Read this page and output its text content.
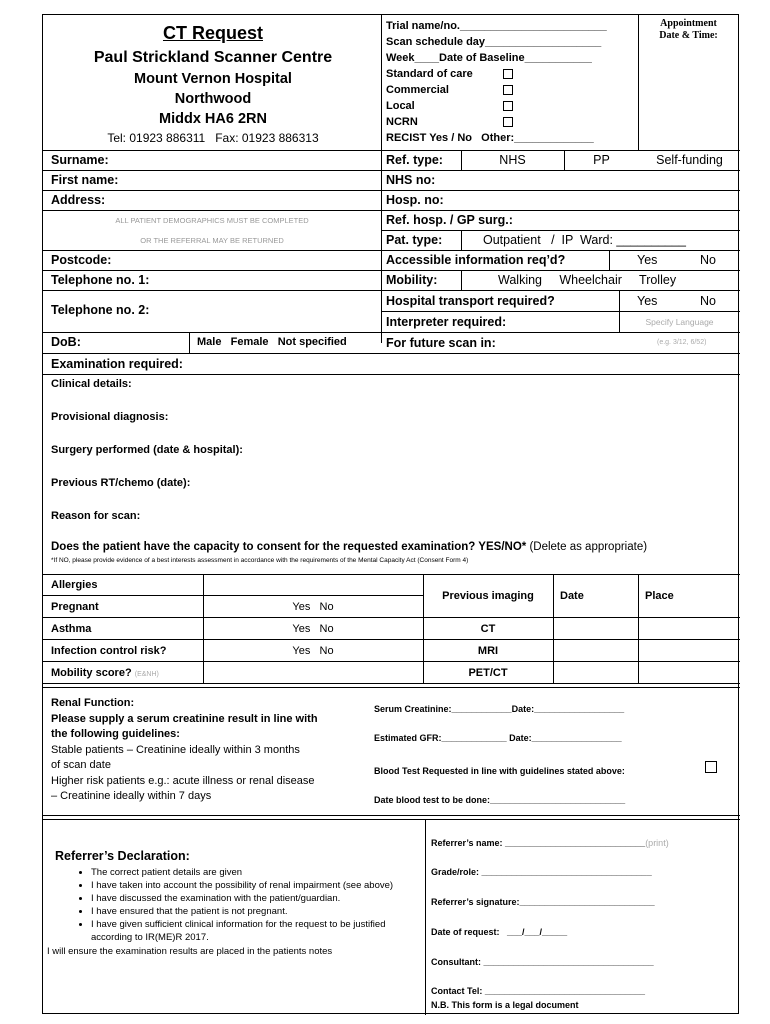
CT Request
Paul Strickland Scanner Centre
Mount Vernon Hospital
Northwood
Middx HA6 2RN
Tel: 01923 886311   Fax: 01923 886313
Trial name/no.________________________
Scan schedule day___________________
Week____Date of Baseline___________
Standard of care
Commercial
Local
NCRN
RECIST Yes / No   Other:_____________
Appointment Date & Time:
Surname:
First name:
Address:
ALL PATIENT DEMOGRAPHICS MUST BE COMPLETED
OR THE REFERRAL MAY BE RETURNED
Postcode:
Telephone no. 1:
Telephone no. 2:
DoB:	Male   Female   Not specified
Ref. type:	NHS	PP	Self-funding
NHS no:
Hosp. no:
Ref. hosp. / GP surg.:
Pat. type:	Outpatient   /  IP  Ward: __________
Accessible information req’d?	Yes	No
Mobility:	Walking     Wheelchair     Trolley
Hospital transport required?	Yes	No
Interpreter required:	Specify Language
For future scan in:	(e.g. 3/12, 6/52)
Examination required:
Clinical details:
Provisional diagnosis:
Surgery performed (date & hospital):
Previous RT/chemo (date):
Reason for scan:
Does the patient have the capacity to consent for the requested examination? YES/NO* (Delete as appropriate)
*If NO, please provide evidence of a best interests assessment in accordance with the requirements of the Mental Capacity Act (Consent Form 4)
Allergies
Pregnant	Yes   No
Asthma	Yes   No
Infection control risk?	Yes   No
Mobility score? (E&NH)
Previous imaging	Date	Place
CT
MRI
PET/CT
Renal Function:
Please supply a serum creatinine result in line with
the following guidelines:
Stable patients – Creatinine ideally within 3 months
of scan date
Higher risk patients e.g.: acute illness or renal disease
– Creatinine ideally within 7 days
Serum Creatinine:____________Date:__________________
Estimated GFR:_____________ Date:__________________
Blood Test Requested in line with guidelines stated above:
Date blood test to be done:___________________________
Referrer’s Declaration:
• The correct patient details are given
• I have taken into account the possibility of renal impairment (see above)
• I have discussed the examination with the patient/guardian.
• I have ensured that the patient is not pregnant.
• I have given sufficient clinical information for the request to be justified according to IR(ME)R 2017.
I will ensure the examination results are placed in the patients notes
Referrer’s name: ____________________________(print)
Grade/role: __________________________________
Referrer’s signature:___________________________
Date of request:   ___/___/_____
Consultant: __________________________________
Contact Tel: ________________________________
N.B. This form is a legal document
